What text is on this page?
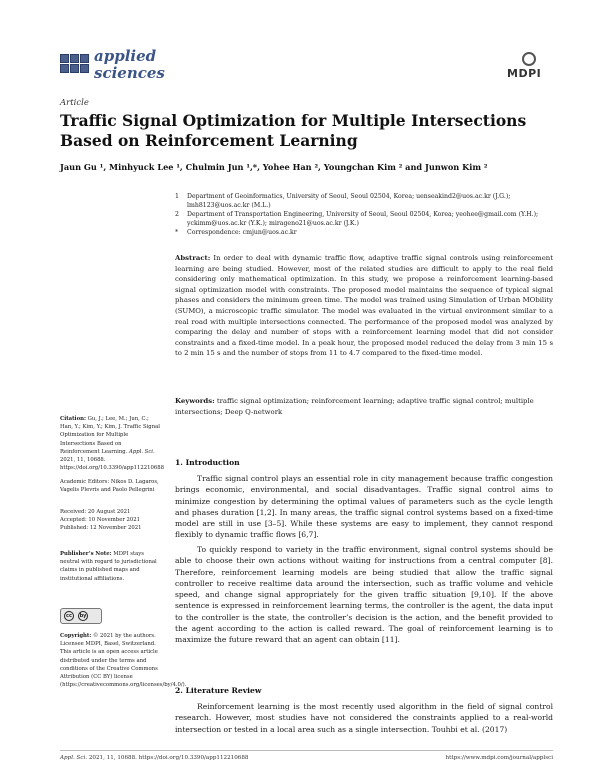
applied
sciences	MDPI
Article
Traffic Signal Optimization for Multiple Intersections Based on Reinforcement Learning
Jaun Gu ¹, Minhyuck Lee ¹, Chulmin Jun ¹,*, Yohee Han ², Youngchan Kim ² and Junwon Kim ²
1 Department of Geoinformatics, University of Seoul, Seoul 02504, Korea; uenseakind2@uos.ac.kr (J.G.); lmh8123@uos.ac.kr (M.L.)
2 Department of Transportation Engineering, University of Seoul, Seoul 02504, Korea; yeohee@gmail.com (Y.H.); yckimm@uos.ac.kr (Y.K.); mirageno21@uos.ac.kr (J.K.)
* Correspondence: cmjun@uos.ac.kr
Abstract: In order to deal with dynamic traffic flow, adaptive traffic signal controls using reinforcement learning are being studied. However, most of the related studies are difficult to apply to the real field considering only mathematical optimization. In this study, we propose a reinforcement learning-based signal optimization model with constraints. The proposed model maintains the sequence of typical signal phases and considers the minimum green time. The model was trained using Simulation of Urban MObility (SUMO), a microscopic traffic simulator. The model was evaluated in the virtual environment similar to a real road with multiple intersections connected. The performance of the proposed model was analyzed by comparing the delay and number of stops with a reinforcement learning model that did not consider constraints and a fixed-time model. In a peak hour, the proposed model reduced the delay from 3 min 15 s to 2 min 15 s and the number of stops from 11 to 4.7 compared to the fixed-time model.
Keywords: traffic signal optimization; reinforcement learning; adaptive traffic signal control; multiple intersections; Deep Q-network
Citation: Gu, J.; Lee, M.; Jun, C.; Han, Y.; Kim, Y.; Kim, J. Traffic Signal Optimization for Multiple Intersections Based on Reinforcement Learning. Appl. Sci. 2021, 11, 10688. https://doi.org/10.3390/app112210688
Academic Editors: Nikos D. Lagaros, Vagelis Plevris and Paolo Pellegrini
Received: 20 August 2021
Accepted: 10 November 2021
Published: 12 November 2021
Publisher’s Note: MDPI stays neutral with regard to jurisdictional claims in published maps and institutional affiliations.
cc	by
Copyright: © 2021 by the authors. Licensee MDPI, Basel, Switzerland. This article is an open access article distributed under the terms and conditions of the Creative Commons Attribution (CC BY) license (https://creativecommons.org/licenses/by/4.0/).
1. Introduction
Traffic signal control plays an essential role in city management because traffic congestion brings economic, environmental, and social disadvantages. Traffic signal control aims to minimize congestion by determining the optimal values of parameters such as the cycle length and phases duration [1,2]. In many areas, the traffic signal control systems based on a fixed-time model are still in use [3–5]. While these systems are easy to implement, they cannot respond flexibly to dynamic traffic flows [6,7].
To quickly respond to variety in the traffic environment, signal control systems should be able to choose their own actions without waiting for instructions from a central computer [8]. Therefore, reinforcement learning models are being studied that allow the traffic signal controller to receive realtime data around the intersection, such as traffic volume and vehicle speed, and change signal appropriately for the given traffic situation [9,10]. If the above sentence is expressed in reinforcement learning terms, the controller is the agent, the data input to the controller is the state, the controller’s decision is the action, and the benefit provided to the agent according to the action is called reward. The goal of reinforcement learning is to maximize the future reward that an agent can obtain [11].
2. Literature Review
Reinforcement learning is the most recently used algorithm in the field of signal control research. However, most studies have not considered the constraints applied to a real-world intersection or tested in a local area such as a single intersection. Touhbi et al. (2017)
Appl. Sci. 2021, 11, 10688. https://doi.org/10.3390/app112210688	https://www.mdpi.com/journal/applsci
